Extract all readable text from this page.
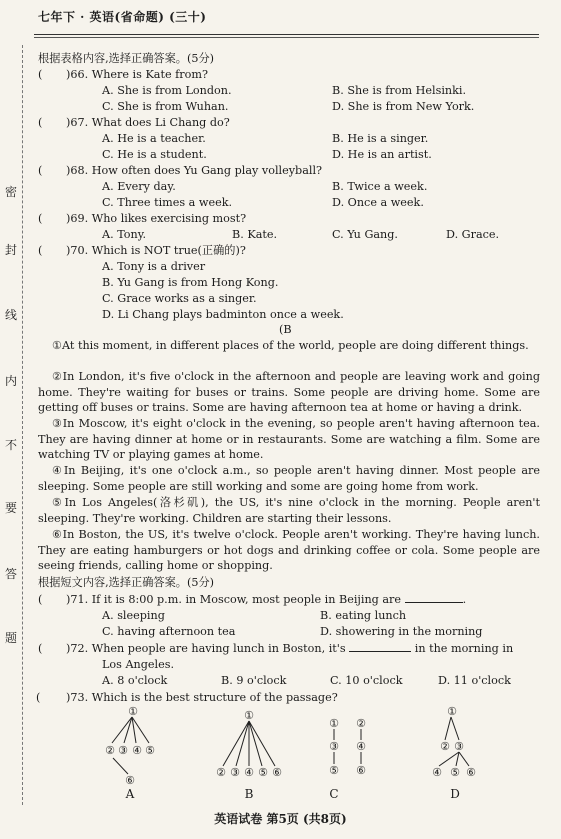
七年下 · 英语(省命题) (三十)
密
封
线
内
不
要
答
题
根据表格内容,选择正确答案。(5分)
( )66. Where is Kate from?
A. She is from London.	B. She is from Helsinki.
C. She is from Wuhan.	D. She is from New York.
( )67. What does Li Chang do?
A. He is a teacher.	B. He is a singer.
C. He is a student.	D. He is an artist.
( )68. How often does Yu Gang play volleyball?
A. Every day.	B. Twice a week.
C. Three times a week.	D. Once a week.
( )69. Who likes exercising most?
A. Tony.	B. Kate.	C. Yu Gang.	D. Grace.
( )70. Which is NOT true(正确的)?
A. Tony is a driver
B. Yu Gang is from Hong Kong.
C. Grace works as a singer.
D. Li Chang plays badminton once a week.
(B
①At this moment, in different places of the world, people are doing different things.
②In London, it's five o'clock in the afternoon and people are leaving work and going home. They're waiting for buses or trains. Some people are driving home. Some are getting off buses or trains. Some are having afternoon tea at home or having a drink.
③In Moscow, it's eight o'clock in the evening, so people aren't having afternoon tea. They are having dinner at home or in restaurants. Some are watching a film. Some are watching TV or playing games at home.
④In Beijing, it's one o'clock a.m., so people aren't having dinner. Most people are sleeping. Some people are still working and some are going home from work.
⑤In Los Angeles(洛杉矶), the US, it's nine o'clock in the morning. People aren't sleeping. They're working. Children are starting their lessons.
⑥In Boston, the US, it's twelve o'clock. People aren't working. They're having lunch. They are eating hamburgers or hot dogs and drinking coffee or cola. Some people are seeing friends, calling home or shopping.
根据短文内容,选择正确答案。(5分)
( )71. If it is 8:00 p.m. in Moscow, most people in Beijing are	.
A. sleeping	B. eating lunch
C. having afternoon tea	D. showering in the morning
( )72. When people are having lunch in Boston, it's	in the morning in
Los Angeles.
A. 8 o'clock	B. 9 o'clock	C. 10 o'clock	D. 11 o'clock
( )73. Which is the best structure of the passage?
①
② ③ ④ ⑤
⑥
①
② ③ ④ ⑤ ⑥
①
③
⑤
②
④
⑥
①
② ③
④ ⑤ ⑥
A	B	C	D
英语试卷 第5页 (共8页)
